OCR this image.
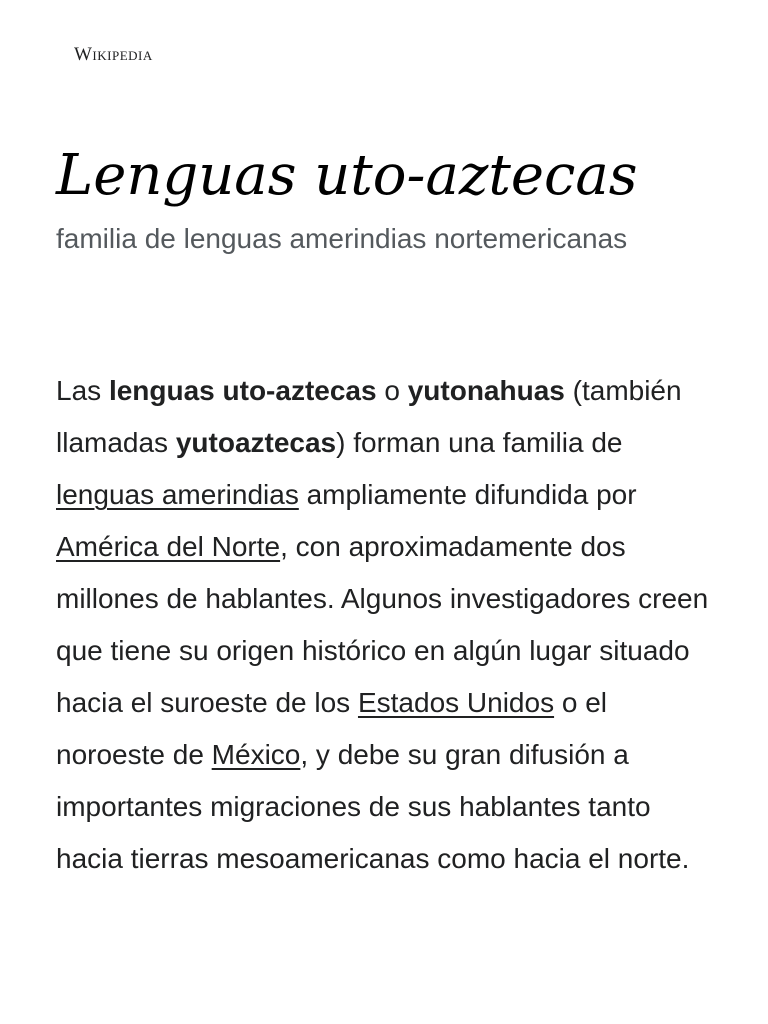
Wikipedia
Lenguas uto-aztecas

familia de lenguas amerindias nortemericanas

Las lenguas uto-aztecas o yutonahuas (también llamadas yutoaztecas) forman una familia de lenguas amerindias ampliamente difundida por América del Norte, con aproximadamente dos millones de hablantes. Algunos investigadores creen que tiene su origen histórico en algún lugar situado hacia el suroeste de los Estados Unidos o el noroeste de México, y debe su gran difusión a importantes migraciones de sus hablantes tanto hacia tierras mesoamericanas como hacia el norte.
